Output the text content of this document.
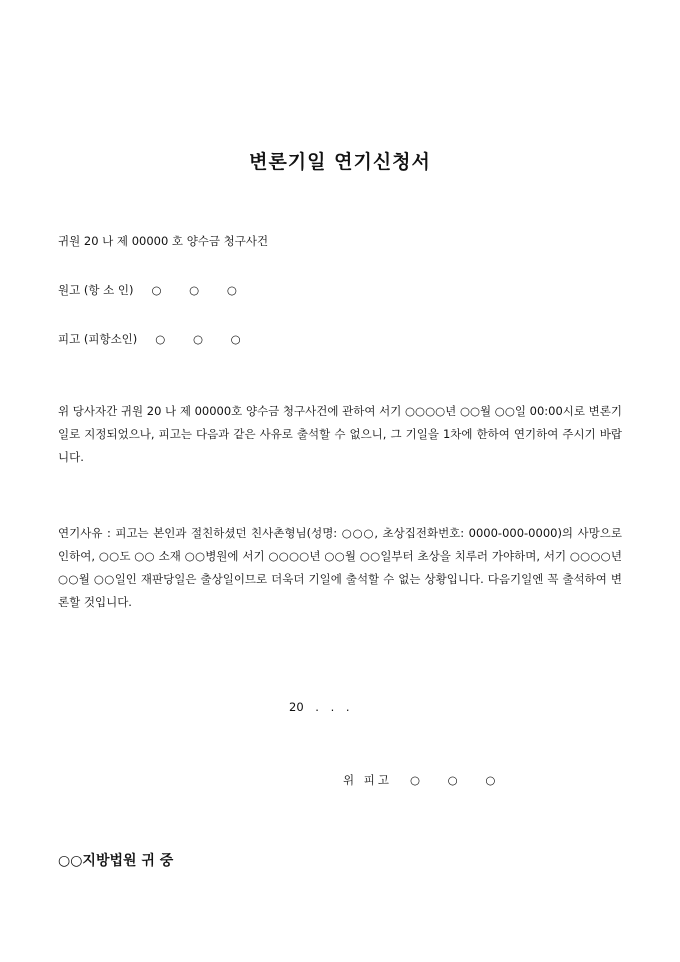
변론기일 연기신청서
귀원 20 나 제 00000 호 양수금 청구사건
원고 (항 소 인) ○ ○ ○
피고 (피항소인) ○ ○ ○
위 당사자간 귀원 20 나 제 00000호 양수금 청구사건에 관하여 서기 ○○○○년 ○○월 ○○일 00:00시로 변론기일로 지정되었으나, 피고는 다음과 같은 사유로 출석할 수 없으니, 그 기일을 1차에 한하여 연기하여 주시기 바랍니다.
연기사유 : 피고는 본인과 절친하셨던 친사촌형님(성명: ○○○, 초상집전화번호: 0000-000-0000)의 사망으로 인하여, ○○도 ○○ 소재 ○○병원에 서기 ○○○○년 ○○월 ○○일부터 초상을 치루러 가야하며, 서기 ○○○○년 ○○월 ○○일인 재판당일은 출상일이므로 더욱더 기일에 출석할 수 없는 상황입니다. 다음기일엔 꼭 출석하여 변론할 것입니다.
20 . . .
위 피고 ○ ○ ○
○○지방법원 귀 중
